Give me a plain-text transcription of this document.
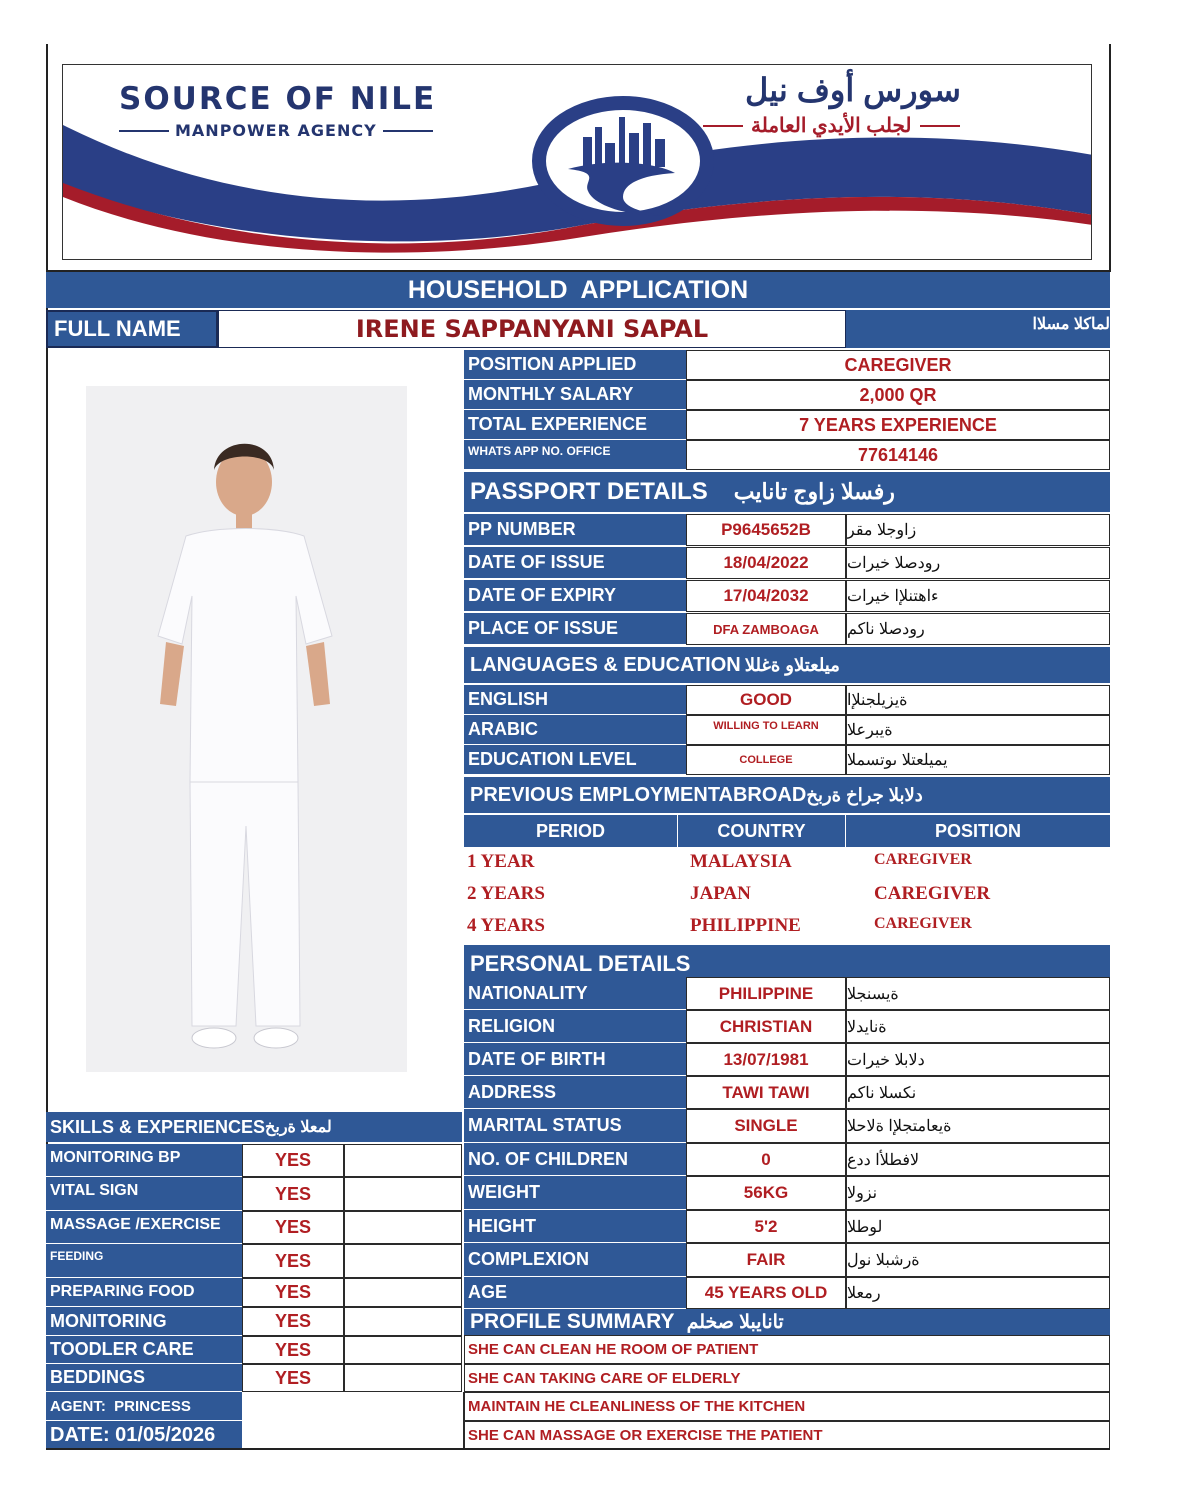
SOURCE OF NILE
MANPOWER AGENCY
سورس أوف نيل
لجلب الأيدي العاملة
HOUSEHOLD  APPLICATION
FULL NAME	IRENE SAPPANYANI SAPAL	لماكلا مسلاا
POSITION APPLIED	CAREGIVER
MONTHLY SALARY	2,000 QR
TOTAL EXPERIENCE	7 YEARS EXPERIENCE
WHATS APP NO. OFFICE	77614146
PASSPORT DETAILS رفسلا زاوج تانايب
PP NUMBER	P9645652B	زاوجلا مقر
DATE OF ISSUE	18/04/2022	رودصلا خيرات
DATE OF EXPIRY	17/04/2032	ءاهتنلإا خيرات
PLACE OF ISSUE	DFA ZAMBOAGA	رودصلا ناكم
LANGUAGES & EDUCATION ميلعتلاو ةغللا
ENGLISH	GOOD	ةيزيلجنلإا
ARABIC	WILLING TO LEARN	ةيبرعلا
EDUCATION LEVEL	COLLEGE	يميلعتلا ىوتسملا
PREVIOUS EMPLOYMENTABROAD دلابلا جراخ ةربخ
PERIOD	COUNTRY	POSITION
1 YEAR	MALAYSIA	CAREGIVER
2 YEARS	JAPAN	CAREGIVER
4 YEARS	PHILIPPINE	CAREGIVER
PERSONAL DETAILS
NATIONALITY	PHILIPPINE	ةيسنجلا
RELIGION	CHRISTIAN	ةنايدلا
DATE OF BIRTH	13/07/1981	دلابلا خيرات
ADDRESS	TAWI TAWI	نكسلا ناكم
MARITAL STATUS	SINGLE	ةيعامتجلإا ةلاحلا
NO. OF CHILDREN	0	لافطلأا ددع
WEIGHT	56KG	نزولا
HEIGHT	5'2	لوطلا
COMPLEXION	FAIR	ةرشبلا نول
AGE	45 YEARS OLD	رمعلا
PROFILE SUMMARY تانايبلا صخلم
SHE CAN CLEAN HE ROOM OF PATIENT
SHE CAN TAKING CARE OF ELDERLY
MAINTAIN HE CLEANLINESS OF THE KITCHEN
SHE CAN MASSAGE OR EXERCISE THE PATIENT
SKILLS & EXPERIENCES لمعلا ةربخ
MONITORING BP	YES
VITAL SIGN	YES
MASSAGE /EXERCISE	YES
FEEDING	YES
PREPARING FOOD	YES
MONITORING	YES
TOODLER CARE	YES
BEDDINGS	YES
AGENT:  PRINCESS
DATE: 01/05/2026
